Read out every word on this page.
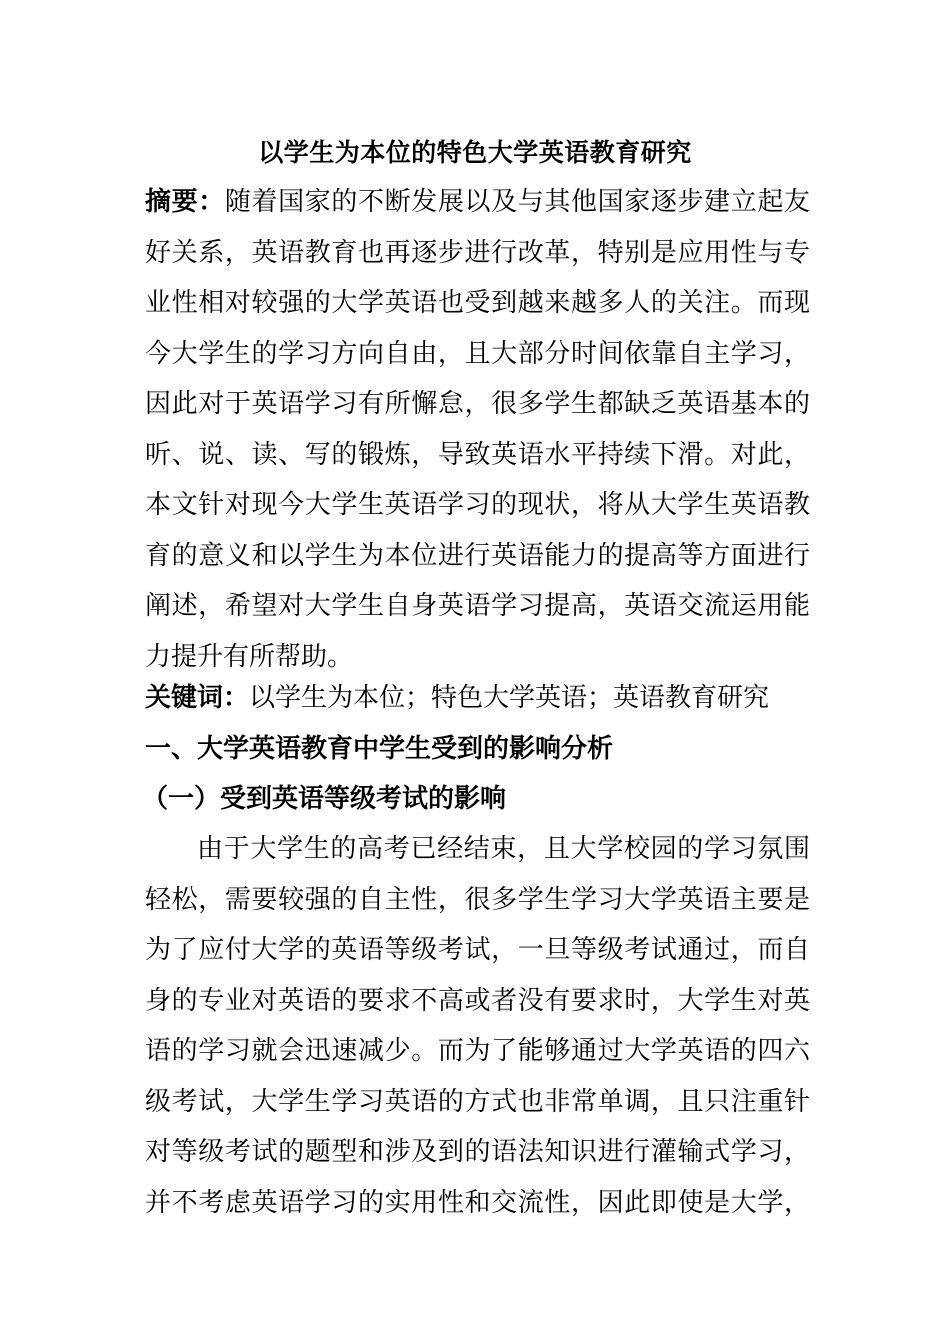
以学生为本位的特色大学英语教育研究
摘要：随着国家的不断发展以及与其他国家逐步建立起友
好关系，英语教育也再逐步进行改革，特别是应用性与专
业性相对较强的大学英语也受到越来越多人的关注。而现
今大学生的学习方向自由，且大部分时间依靠自主学习，
因此对于英语学习有所懈怠，很多学生都缺乏英语基本的
听、说、读、写的锻炼，导致英语水平持续下滑。对此，
本文针对现今大学生英语学习的现状，将从大学生英语教
育的意义和以学生为本位进行英语能力的提高等方面进行
阐述，希望对大学生自身英语学习提高，英语交流运用能
力提升有所帮助。
关键词：以学生为本位；特色大学英语；英语教育研究
一、大学英语教育中学生受到的影响分析
（一）受到英语等级考试的影响
由于大学生的高考已经结束，且大学校园的学习氛围
轻松，需要较强的自主性，很多学生学习大学英语主要是
为了应付大学的英语等级考试，一旦等级考试通过，而自
身的专业对英语的要求不高或者没有要求时，大学生对英
语的学习就会迅速减少。而为了能够通过大学英语的四六
级考试，大学生学习英语的方式也非常单调，且只注重针
对等级考试的题型和涉及到的语法知识进行灌输式学习，
并不考虑英语学习的实用性和交流性，因此即使是大学，
